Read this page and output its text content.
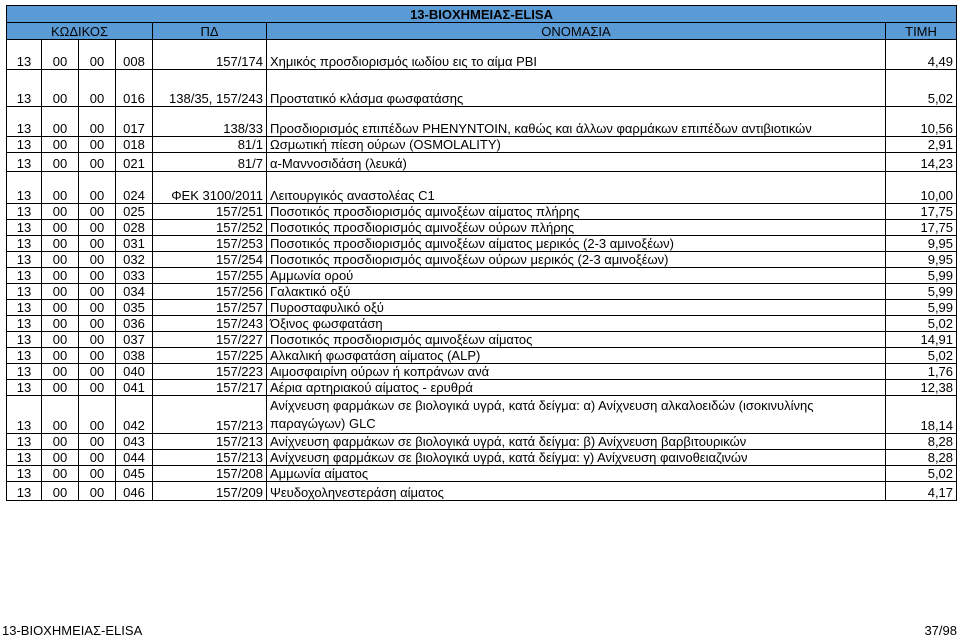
13-ΒΙΟΧΗΜΕΙΑΣ-ELISA						
ΚΩΔΙΚΟΣ				ΠΔ	ΟΝΟΜΑΣΙΑ	ΤΙΜΗ
13	00	00	008	157/174	Χημικός προσδιορισμός ιωδίου εις το αίμα PBI	4,49
13	00	00	016	138/35, 157/243	Προστατικό κλάσμα φωσφατάσης	5,02
13	00	00	017	138/33	Προσδιορισμός επιπέδων PHENYNTOIN, καθώς και άλλων φαρμάκων επιπέδων αντιβιοτικών	10,56
13	00	00	018	81/1	Ωσμωτική πίεση ούρων (OSMOLALITY)	2,91
13	00	00	021	81/7	α-Μαννοσιδάση (λευκά)	14,23
13	00	00	024	ΦΕΚ 3100/2011	Λειτουργικός αναστολέας C1	10,00
13	00	00	025	157/251	Ποσοτικός προσδιορισμός αμινοξέων αίματος πλήρης	17,75
13	00	00	028	157/252	Ποσοτικός προσδιορισμός αμινοξέων ούρων πλήρης	17,75
13	00	00	031	157/253	Ποσοτικός προσδιορισμός αμινοξέων αίματος μερικός (2-3 αμινοξέων)	9,95
13	00	00	032	157/254	Ποσοτικός προσδιορισμός αμινοξέων ούρων μερικός (2-3 αμινοξέων)	9,95
13	00	00	033	157/255	Αμμωνία ορού	5,99
13	00	00	034	157/256	Γαλακτικό οξύ	5,99
13	00	00	035	157/257	Πυροσταφυλικό οξύ	5,99
13	00	00	036	157/243	Όξινος φωσφατάση	5,02
13	00	00	037	157/227	Ποσοτικός προσδιορισμός αμινοξέων αίματος	14,91
13	00	00	038	157/225	Αλκαλική φωσφατάση αίματος (ALP)	5,02
13	00	00	040	157/223	Αιμοσφαιρίνη ούρων ή κοπράνων ανά	1,76
13	00	00	041	157/217	Αέρια αρτηριακού αίματος - ερυθρά	12,38
13	00	00	042	157/213	Ανίχνευση φαρμάκων σε βιολογικά υγρά, κατά δείγμα: α) Ανίχνευση αλκαλοειδών (ισοκινυλίνης παραγώγων) GLC	18,14
13	00	00	043	157/213	Ανίχνευση φαρμάκων σε βιολογικά υγρά, κατά δείγμα: β) Ανίχνευση βαρβιτουρικών	8,28
13	00	00	044	157/213	Ανίχνευση φαρμάκων σε βιολογικά υγρά, κατά δείγμα: γ) Ανίχνευση φαινοθειαζινών	8,28
13	00	00	045	157/208	Αμμωνία αίματος	5,02
13	00	00	046	157/209	Ψευδοχοληνεστεράση αίματος	4,17
13-ΒΙΟΧΗΜΕΙΑΣ-ELISA	37/98
